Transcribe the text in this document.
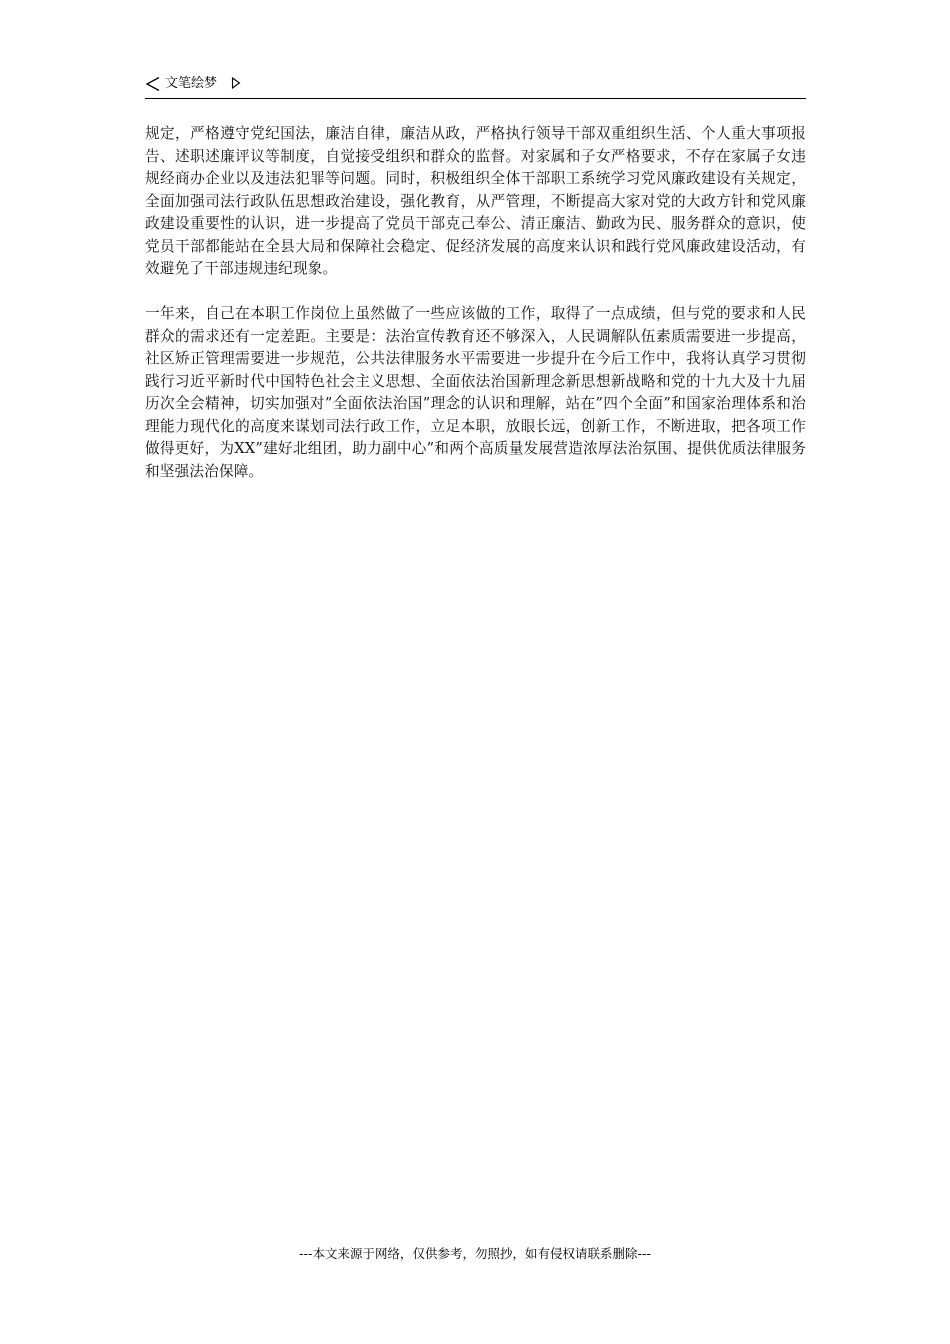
文笔绘梦

规定，严格遵守党纪国法，廉洁自律，廉洁从政，严格执行领导干部双重组织生活、个人重大事项报告、述职述廉评议等制度，自觉接受组织和群众的监督。对家属和子女严格要求，不存在家属子女违规经商办企业以及违法犯罪等问题。同时，积极组织全体干部职工系统学习党风廉政建设有关规定，全面加强司法行政队伍思想政治建设，强化教育，从严管理，不断提高大家对党的大政方针和党风廉政建设重要性的认识，进一步提高了党员干部克己奉公、清正廉洁、勤政为民、服务群众的意识，使党员干部都能站在全县大局和保障社会稳定、促经济发展的高度来认识和践行党风廉政建设活动，有效避免了干部违规违纪现象。

一年来，自己在本职工作岗位上虽然做了一些应该做的工作，取得了一点成绩，但与党的要求和人民群众的需求还有一定差距。主要是：法治宣传教育还不够深入，人民调解队伍素质需要进一步提高，社区矫正管理需要进一步规范，公共法律服务水平需要进一步提升在今后工作中，我将认真学习贯彻践行习近平新时代中国特色社会主义思想、全面依法治国新理念新思想新战略和党的十九大及十九届历次全会精神，切实加强对”全面依法治国”理念的认识和理解，站在”四个全面”和国家治理体系和治理能力现代化的高度来谋划司法行政工作，立足本职，放眼长远，创新工作，不断进取，把各项工作做得更好，为XX”建好北组团，助力副中心”和两个高质量发展营造浓厚法治氛围、提供优质法律服务和坚强法治保障。

---本文来源于网络，仅供参考，勿照抄，如有侵权请联系删除---
